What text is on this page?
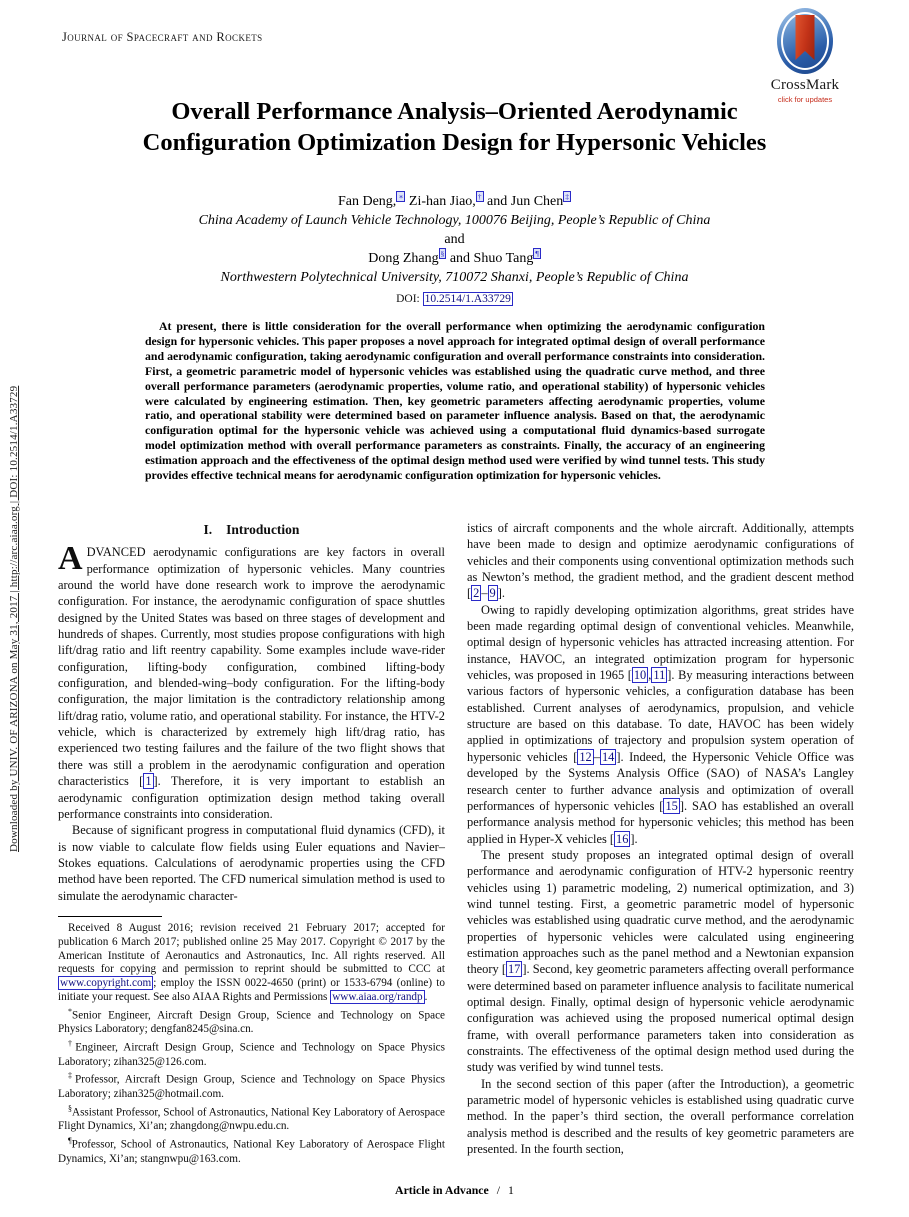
Downloaded by UNIV. OF ARIZONA on May 31, 2017 | http://arc.aiaa.org | DOI: 10.2514/1.A33729
Journal of Spacecraft and Rockets
CrossMark
click for updates
Overall Performance Analysis–Oriented Aerodynamic
Configuration Optimization Design for Hypersonic Vehicles
Fan Deng, ∗ Zi-han Jiao, † and Jun Chen ‡
China Academy of Launch Vehicle Technology, 100076 Beijing, People’s Republic of China
and
Dong Zhang § and Shuo Tang ¶
Northwestern Polytechnical University, 710072 Shanxi, People’s Republic of China
DOI: 10.2514/1.A33729
At present, there is little consideration for the overall performance when optimizing the aerodynamic configuration design for hypersonic vehicles. This paper proposes a novel approach for integrated optimal design of overall performance and aerodynamic configuration, taking aerodynamic configuration and overall performance constraints into consideration. First, a geometric parametric model of hypersonic vehicles was established using the quadratic curve method, and three overall performance parameters (aerodynamic properties, volume ratio, and operational stability) of hypersonic vehicles were calculated by engineering estimation. Then, key geometric parameters affecting aerodynamic properties, volume ratio, and operational stability were determined based on parameter influence analysis. Based on that, the aerodynamic configuration optimal for the hypersonic vehicle was achieved using a computational fluid dynamics-based surrogate model optimization method with overall performance parameters as constraints. Finally, the accuracy of an engineering estimation approach and the effectiveness of the optimal design method used were verified by wind tunnel tests. This study provides effective technical means for aerodynamic configuration optimization for hypersonic vehicles.
I. Introduction

ADVANCED aerodynamic configurations are key factors in overall performance optimization of hypersonic vehicles. Many countries around the world have done research work to improve the aerodynamic configuration. For instance, the aerodynamic configuration of space shuttles designed by the United States was based on three stages of development and hundreds of shapes. Currently, most studies propose configurations with high lift/drag ratio and lift reentry capability. Some examples include wave-rider configuration, lifting-body configuration, combined lifting-body configuration, and blended-wing–body configuration. For the lifting-body configuration, the major limitation is the contradictory relationship among lift/drag ratio, volume ratio, and operational stability. For instance, the HTV-2 vehicle, which is characterized by extremely high lift/drag ratio, has experienced two testing failures and the failure of the two flight shows that there was still a problem in the aerodynamic configuration and operation characteristics [ 1 ]. Therefore, it is very important to establish an aerodynamic configuration optimization design method taking overall performance constraints into consideration.

Because of significant progress in computational fluid dynamics (CFD), it is now viable to calculate flow fields using Euler equations and Navier–Stokes equations. Calculations of aerodynamic properties using the CFD method have been reported. The CFD numerical simulation method is used to simulate the aerodynamic character-

Received 8 August 2016; revision received 21 February 2017; accepted for publication 6 March 2017; published online 25 May 2017. Copyright © 2017 by the American Institute of Aeronautics and Astronautics, Inc. All rights reserved. All requests for copying and permission to reprint should be submitted to CCC at www.copyright.com ; employ the ISSN 0022-4650 (print) or 1533-6794 (online) to initiate your request. See also AIAA Rights and Permissions www.aiaa.org/randp .

*Senior Engineer, Aircraft Design Group, Science and Technology on Space Physics Laboratory; dengfan8245@sina.cn.

†Engineer, Aircraft Design Group, Science and Technology on Space Physics Laboratory; zihan325@126.com.

‡Professor, Aircraft Design Group, Science and Technology on Space Physics Laboratory; zihan325@hotmail.com.

§Assistant Professor, School of Astronautics, National Key Laboratory of Aerospace Flight Dynamics, Xi’an; zhangdong@nwpu.edu.cn.

¶Professor, School of Astronautics, National Key Laboratory of Aerospace Flight Dynamics, Xi’an; stangnwpu@163.com.

istics of aircraft components and the whole aircraft. Additionally, attempts have been made to design and optimize aerodynamic configurations of vehicles and their components using conventional optimization methods such as Newton’s method, the gradient method, and the gradient descent method [ 2 – 9 ].

Owing to rapidly developing optimization algorithms, great strides have been made regarding optimal design of conventional vehicles. Meanwhile, optimal design of hypersonic vehicles has attracted increasing attention. For instance, HAVOC, an integrated optimization program for hypersonic vehicles, was proposed in 1965 [ 10 , 11 ]. By measuring interactions between various factors of hypersonic vehicles, a configuration database has been established. Current analyses of aerodynamics, propulsion, and vehicle structure are based on this database. To date, HAVOC has been widely applied in optimizations of trajectory and propulsion system operation of hypersonic vehicles [ 12 – 14 ]. Indeed, the Hypersonic Vehicle Office was developed by the Systems Analysis Office (SAO) of NASA’s Langley research center to further advance analysis and optimization of overall performances of hypersonic vehicles [ 15 ]. SAO has established an overall performance analysis method for hypersonic vehicles; this method has been applied in Hyper-X vehicles [ 16 ].

The present study proposes an integrated optimal design of overall performance and aerodynamic configuration of HTV-2 hypersonic reentry vehicles using 1) parametric modeling, 2) numerical optimization, and 3) wind tunnel testing. First, a geometric parametric model of hypersonic vehicles was established using quadratic curve method, and the aerodynamic properties of hypersonic vehicles were calculated using engineering estimation approaches such as the panel method and a Newtonian expansion theory [ 17 ]. Second, key geometric parameters affecting overall performance were determined based on parameter influence analysis to facilitate numerical optimal design. Finally, optimal design of hypersonic vehicle aerodynamic configuration was achieved using the proposed numerical optimal design frame, with overall performance parameters taken into consideration as constraints. The effectiveness of the optimal design method used during the study was verified by wind tunnel tests.

In the second section of this paper (after the Introduction), a geometric parametric model of hypersonic vehicles is established using quadratic curve method. In the paper’s third section, the overall performance correlation analysis method is described and the results of key geometric parameters are presented. In the fourth section,

Article in Advance / 1
